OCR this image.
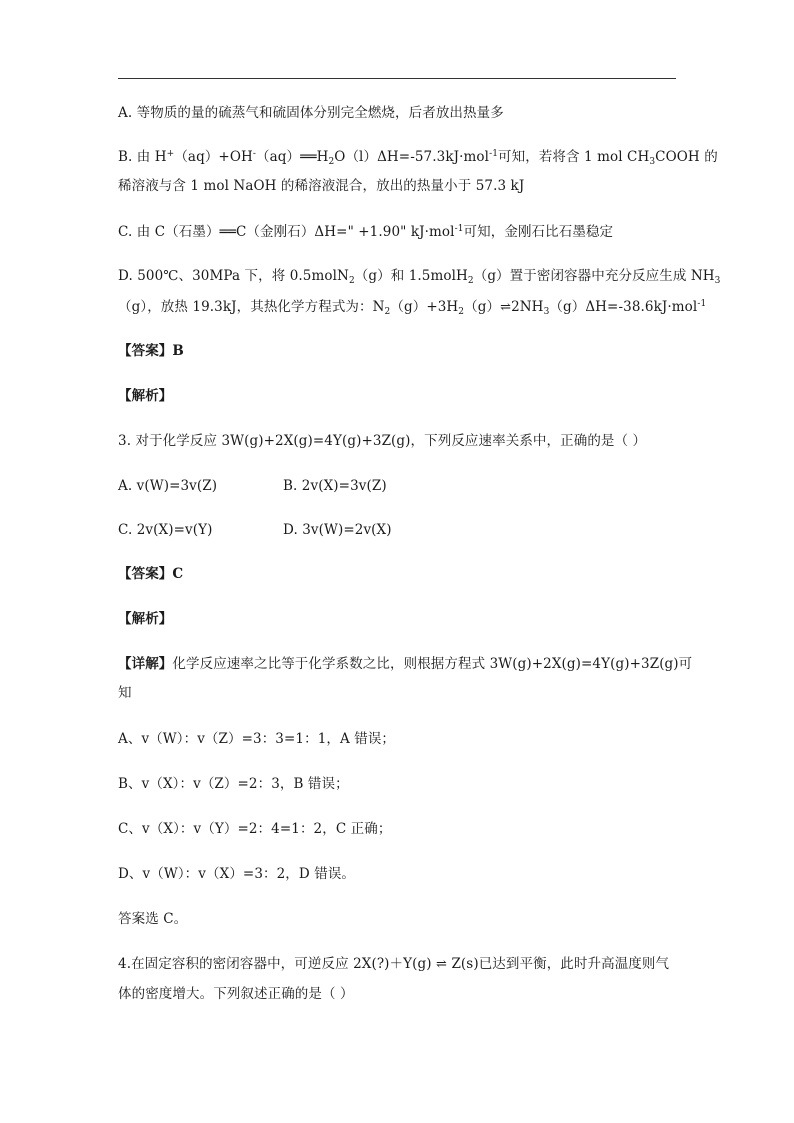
A. 等物质的量的硫蒸气和硫固体分别完全燃烧，后者放出热量多
B. 由 $H^+(aq)+OH^-(aq)══H_2O(l)\Delta H=-57.3kJ\cdot mol^{-1}$可知，若将含 1 mol $CH_3COOH$ 的
稀溶液与含 1 mol NaOH 的稀溶液混合，放出的热量小于 57.3 kJ
C. 由 C（石墨）══C（金刚石）ΔH=" +1.90" kJ·mol$^{-1}$可知，金刚石比石墨稳定
D. 500℃、30MPa 下，将 0.5molN$_2$（g）和 1.5molH$_2$（g）置于密闭容器中充分反应生成 $NH_3$
（g），放热 19.3kJ，其热化学方程式为：$N_2(g)+3H_2(g)\rightleftharpoons 2NH_3(g)\Delta H=-38.6kJ\cdot mol^{-1}$
【答案】B
【解析】
3. 对于化学反应 3W(g)+2X(g)=4Y(g)+3Z(g)，下列反应速率关系中，正确的是（ ）
A. v(W)=3v(Z)	B. 2v(X)=3v(Z)
C. 2v(X)=v(Y)	D. 3v(W)=2v(X)
【答案】C
【解析】
【详解】化学反应速率之比等于化学系数之比，则根据方程式 3W(g)+2X(g)=4Y(g)+3Z(g)可
知
A、v（W）：v（Z）=3：3=1：1，A 错误；
B、v（X）：v（Z）=2：3，B 错误；
C、v（X）：v（Y）=2：4=1：2，C 正确；
D、v（W）：v（X）=3：2，D 错误。
答案选 C。
4.在固定容积的密闭容器中，可逆反应 2X(?)＋Y(g) ⇌ Z(s)已达到平衡，此时升高温度则气
体的密度增大。下列叙述正确的是（ ）
